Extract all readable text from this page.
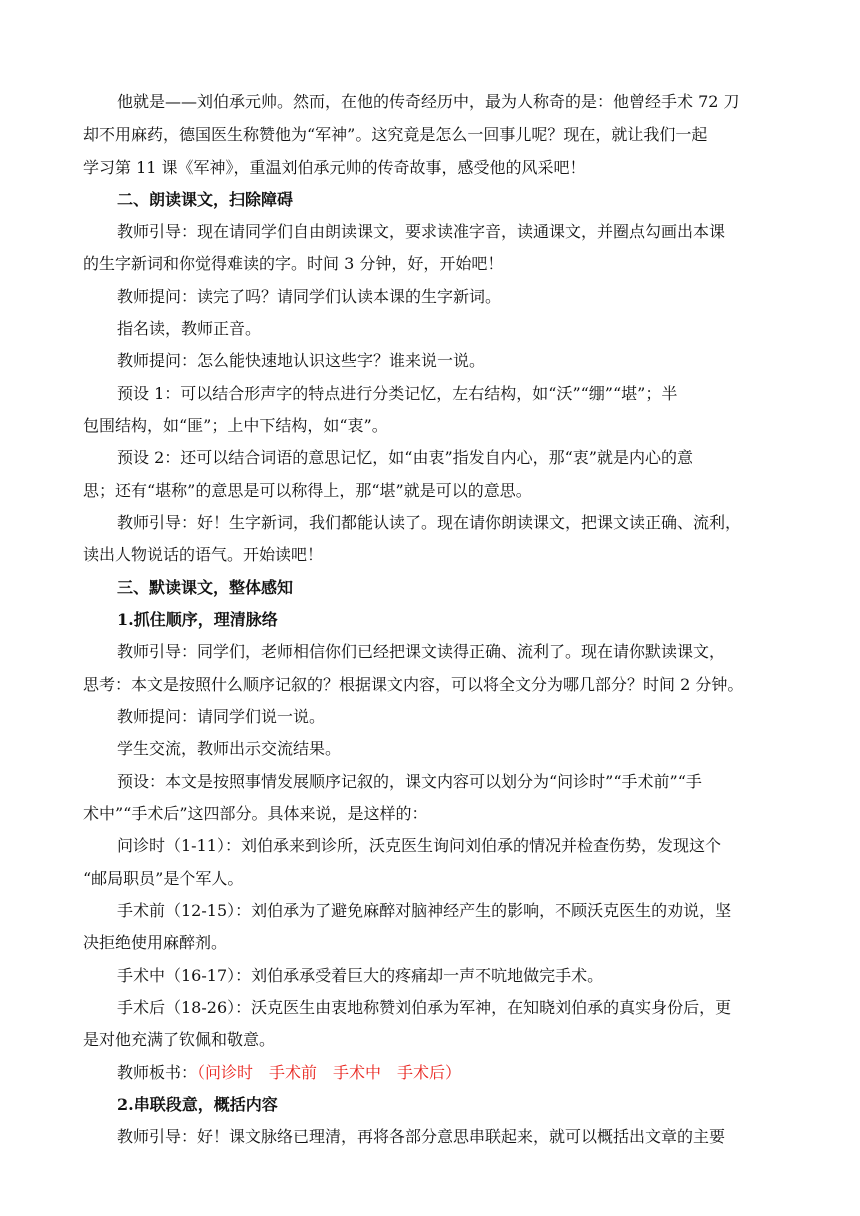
他就是——刘伯承元帅。然而，在他的传奇经历中，最为人称奇的是：他曾经手术 72 刀
却不用麻药，德国医生称赞他为“军神”。这究竟是怎么一回事儿呢？现在，就让我们一起
学习第 11 课《军神》，重温刘伯承元帅的传奇故事，感受他的风采吧！
二、朗读课文，扫除障碍
教师引导：现在请同学们自由朗读课文，要求读准字音，读通课文，并圈点勾画出本课
的生字新词和你觉得难读的字。时间 3 分钟，好，开始吧！
教师提问：读完了吗？请同学们认读本课的生字新词。
指名读，教师正音。
教师提问：怎么能快速地认识这些字？谁来说一说。
预设 1：可以结合形声字的特点进行分类记忆，左右结构，如“沃”“绷”“堪”；半
包围结构，如“匪”；上中下结构，如“衷”。
预设 2：还可以结合词语的意思记忆，如“由衷”指发自内心，那“衷”就是内心的意
思；还有“堪称”的意思是可以称得上，那“堪”就是可以的意思。
教师引导：好！生字新词，我们都能认读了。现在请你朗读课文，把课文读正确、流利，
读出人物说话的语气。开始读吧！
三、默读课文，整体感知
1.抓住顺序，理清脉络
教师引导：同学们，老师相信你们已经把课文读得正确、流利了。现在请你默读课文，
思考：本文是按照什么顺序记叙的？根据课文内容，可以将全文分为哪几部分？时间 2 分钟。
教师提问：请同学们说一说。
学生交流，教师出示交流结果。
预设：本文是按照事情发展顺序记叙的，课文内容可以划分为“问诊时”“手术前”“手
术中”“手术后”这四部分。具体来说，是这样的：
问诊时（1-11）：刘伯承来到诊所，沃克医生询问刘伯承的情况并检查伤势，发现这个
“邮局职员”是个军人。
手术前（12-15）：刘伯承为了避免麻醉对脑神经产生的影响，不顾沃克医生的劝说，坚
决拒绝使用麻醉剂。
手术中（16-17）：刘伯承承受着巨大的疼痛却一声不吭地做完手术。
手术后（18-26）：沃克医生由衷地称赞刘伯承为军神，在知晓刘伯承的真实身份后，更
是对他充满了钦佩和敬意。
教师板书：（问诊时　手术前　手术中　手术后）
2.串联段意，概括内容
教师引导：好！课文脉络已理清，再将各部分意思串联起来，就可以概括出文章的主要
